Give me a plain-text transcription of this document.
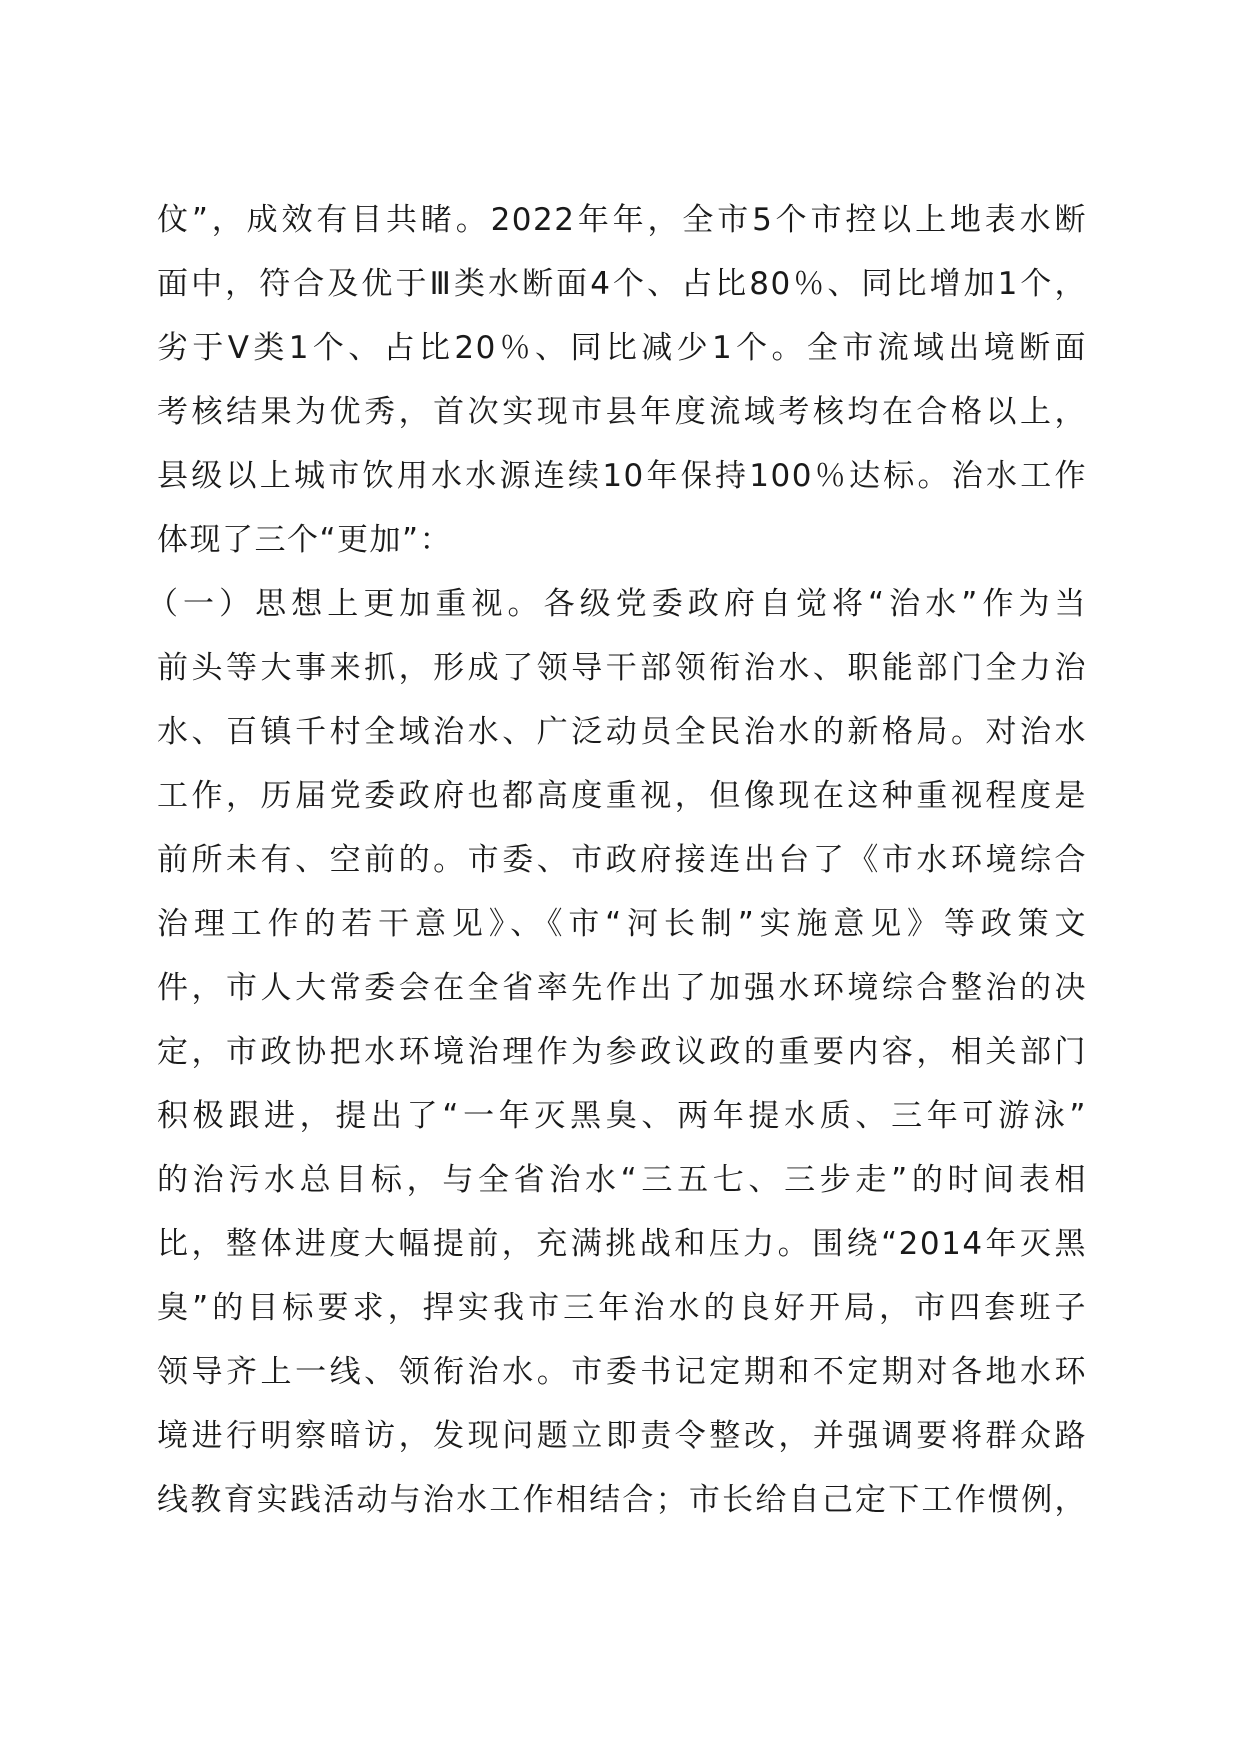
伩”，成效有目共睹。2022年年，全市5个市控以上地表水断
面中，符合及优于Ⅲ类水断面4个、占比80％、同比增加1个，
劣于Ⅴ类1个、占比20％、同比减少1个。全市流域出境断面
考核结果为优秀，首次实现市县年度流域考核均在合格以上，
县级以上城市饮用水水源连续10年保持100％达标。治水工作
体现了三个“更加”：
（一）思想上更加重视。各级党委政府自觉将“治水”作为当
前头等大事来抓，形成了领导干部领衔治水、职能部门全力治
水、百镇千村全域治水、广泛动员全民治水的新格局。对治水
工作，历届党委政府也都高度重视，但像现在这种重视程度是
前所未有、空前的。市委、市政府接连出台了《市水环境综合
治理工作的若干意见》、《市“河长制”实施意见》等政策文
件，市人大常委会在全省率先作出了加强水环境综合整治的决
定，市政协把水环境治理作为参政议政的重要内容，相关部门
积极跟进，提出了“一年灭黑臭、两年提水质、三年可游泳”
的治污水总目标，与全省治水“三五七、三步走”的时间表相
比，整体进度大幅提前，充满挑战和压力。围绕“2014年灭黑
臭”的目标要求，捍实我市三年治水的良好开局，市四套班子
领导齐上一线、领衔治水。市委书记定期和不定期对各地水环
境进行明察暗访，发现问题立即责令整改，并强调要将群众路
线教育实践活动与治水工作相结合；市长给自己定下工作惯例，
